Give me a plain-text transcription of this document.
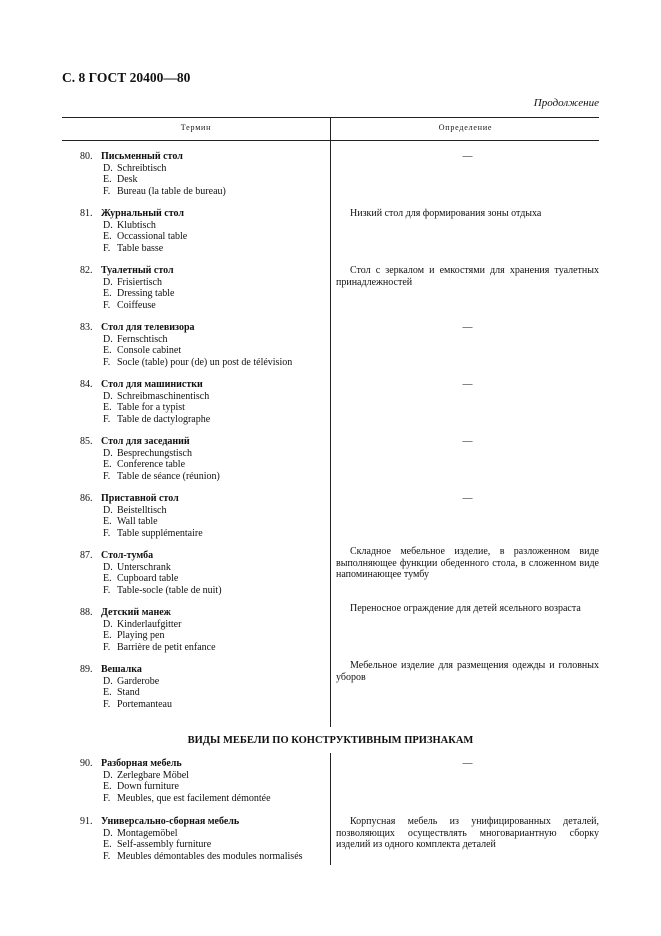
С. 8 ГОСТ 20400—80
Продолжение
Термин	Определение
ВИДЫ МЕБЕЛИ ПО КОНСТРУКТИВНЫМ ПРИЗНАКАМ
80. Письменный стол
D. Schreibtisch
E. Desk
F. Bureau (la table de bureau)
—
81. Журнальный стол
D. Klubtisch
E. Occassional table
F. Table basse
Низкий стол для формирования зоны отдыха
82. Туалетный стол
D. Frisiertisch
E. Dressing table
F. Coiffeuse
Стол с зеркалом и емкостями для хранения туалетных принадлежностей
83. Стол для телевизора
D. Fernschtisch
E. Console cabinet
F. Socle (table) pour (de) un post de télévision
—
84. Стол для машинистки
D. Schreibmaschinentisch
E. Table for a typist
F. Table de dactylographe
—
85. Стол для заседаний
D. Besprechungstisch
E. Conference table
F. Table de séance (réunion)
—
86. Приставной стол
D. Beistelltisch
E. Wall table
F. Table supplémentaire
—
87. Стол-тумба
D. Unterschrank
E. Cupboard table
F. Table-socle (table de nuit)
Складное мебельное изделие, в разложенном виде выполняющее функции обеденного стола, в сложенном виде напоминающее тумбу
88. Детский манеж
D. Kinderlaufgitter
E. Playing pen
F. Barrière de petit enfance
Переносное ограждение для детей ясельного возраста
89. Вешалка
D. Garderobe
E. Stand
F. Portemanteau
Мебельное изделие для размещения одежды и головных уборов
90. Разборная мебель
D. Zerlegbare Möbel
E. Down furniture
F. Meubles, que est facilement démontée
—
91. Универсально-сборная мебель
D. Montagemöbel
E. Self-assembly furniture
F. Meubles démontables des modules normalisés
Корпусная мебель из унифицированных деталей, позволяющих осуществлять многовариантную сборку изделий из одного комплекта деталей
